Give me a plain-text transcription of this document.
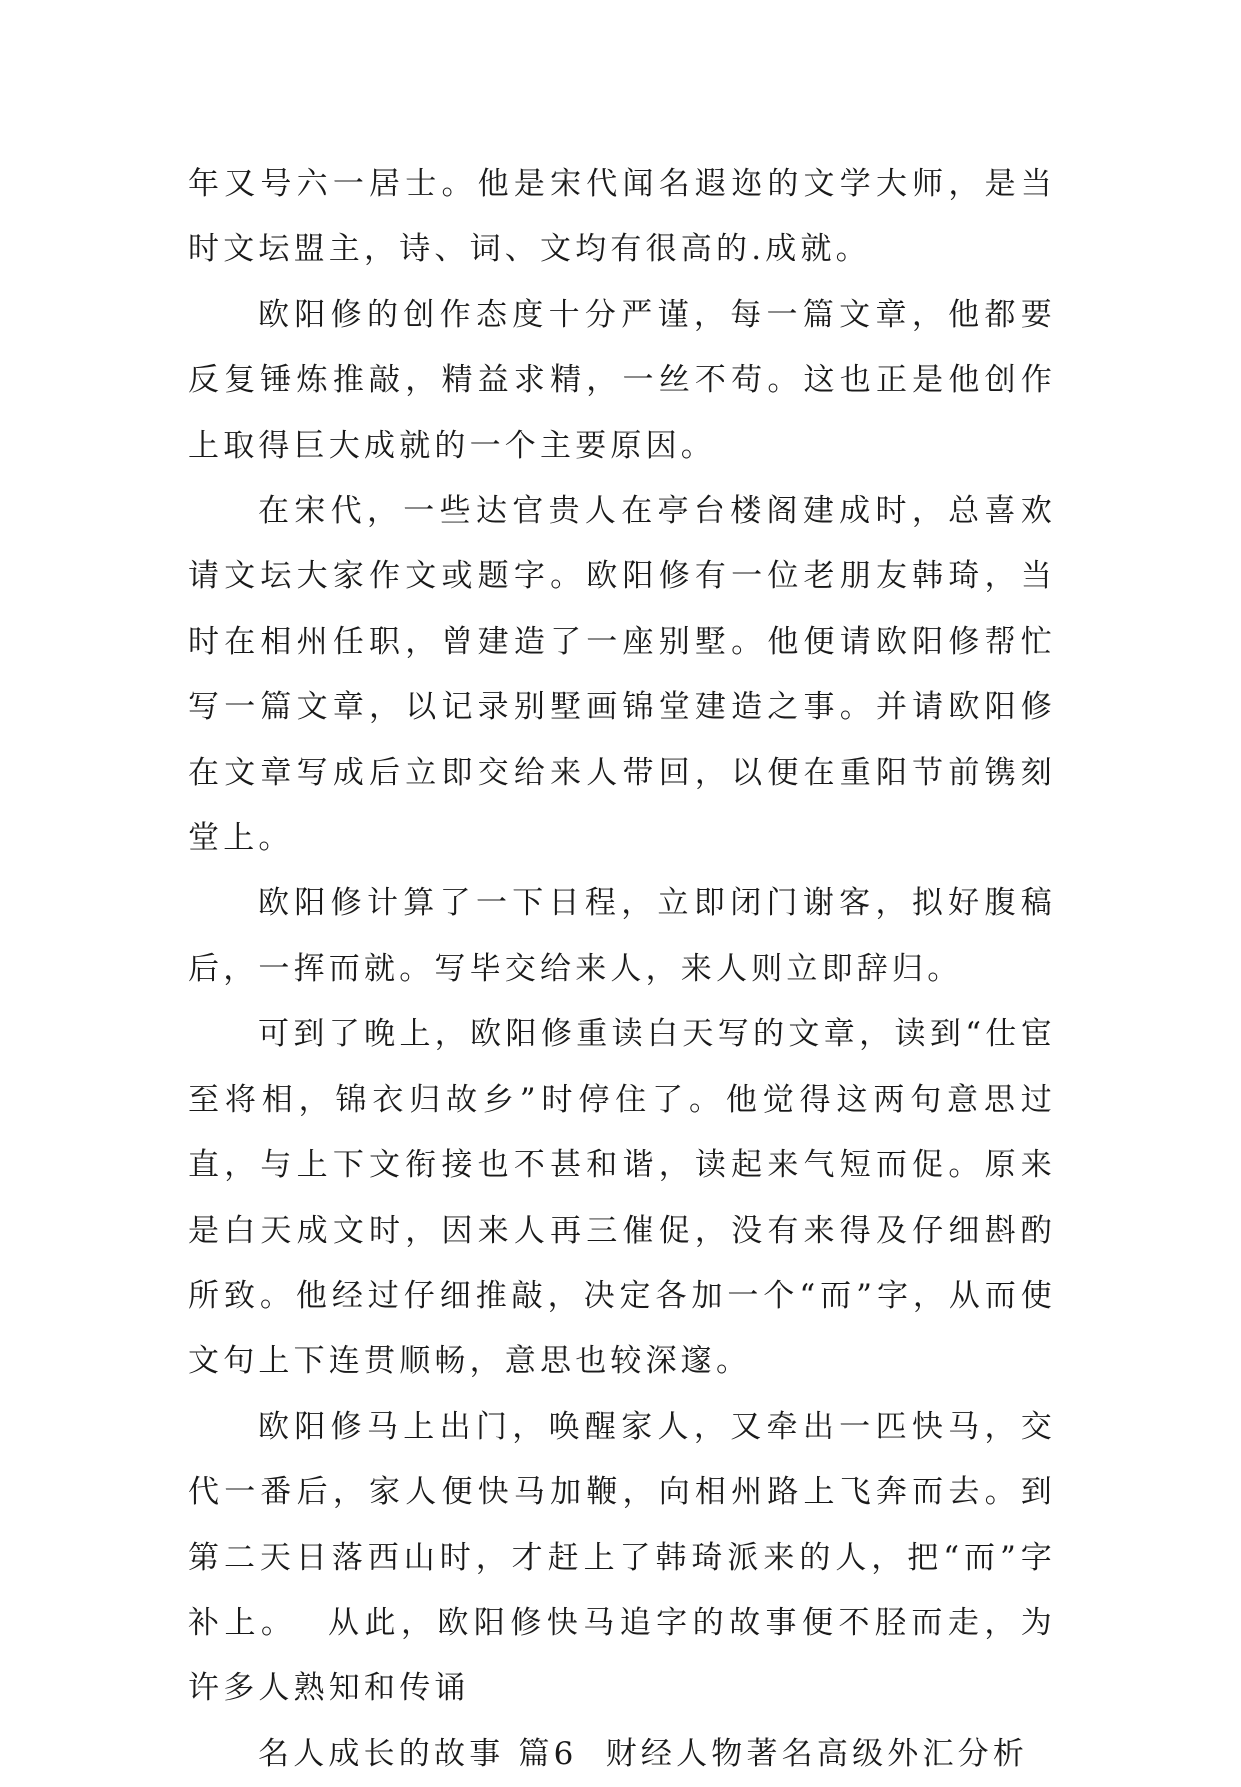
年又号六一居士。他是宋代闻名遐迩的文学大师，是当时文坛盟主，诗、词、文均有很高的.成就。

欧阳修的创作态度十分严谨，每一篇文章，他都要反复锤炼推敲，精益求精，一丝不苟。这也正是他创作上取得巨大成就的一个主要原因。

在宋代，一些达官贵人在亭台楼阁建成时，总喜欢请文坛大家作文或题字。欧阳修有一位老朋友韩琦，当时在相州任职，曾建造了一座别墅。他便请欧阳修帮忙写一篇文章，以记录别墅画锦堂建造之事。并请欧阳修在文章写成后立即交给来人带回，以便在重阳节前镌刻堂上。

欧阳修计算了一下日程，立即闭门谢客，拟好腹稿后，一挥而就。写毕交给来人，来人则立即辞归。

可到了晚上，欧阳修重读白天写的文章，读到“仕宦至将相，锦衣归故乡”时停住了。他觉得这两句意思过直，与上下文衔接也不甚和谐，读起来气短而促。原来是白天成文时，因来人再三催促，没有来得及仔细斟酌所致。他经过仔细推敲，决定各加一个“而”字，从而使文句上下连贯顺畅，意思也较深邃。

欧阳修马上出门，唤醒家人，又牵出一匹快马，交代一番后，家人便快马加鞭，向相州路上飞奔而去。到第二天日落西山时，才赶上了韩琦派来的人，把“而”字补上。  从此，欧阳修快马追字的故事便不胫而走，为许多人熟知和传诵

名人成长的故事 篇6  财经人物著名高级外汇分析
